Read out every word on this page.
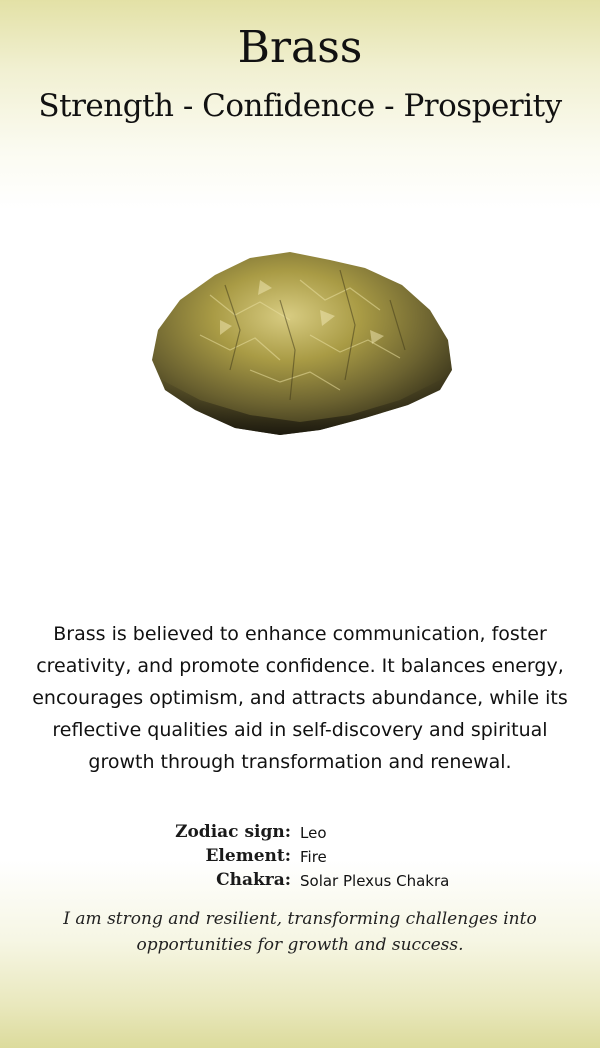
Brass
Strength - Confidence - Prosperity
Brass is believed to enhance communication, foster creativity, and promote confidence. It balances energy, encourages optimism, and attracts abundance, while its reflective qualities aid in self-discovery and spiritual growth through transformation and renewal.
Zodiac sign: Leo
Element: Fire
Chakra: Solar Plexus Chakra
I am strong and resilient, transforming challenges into opportunities for growth and success.
